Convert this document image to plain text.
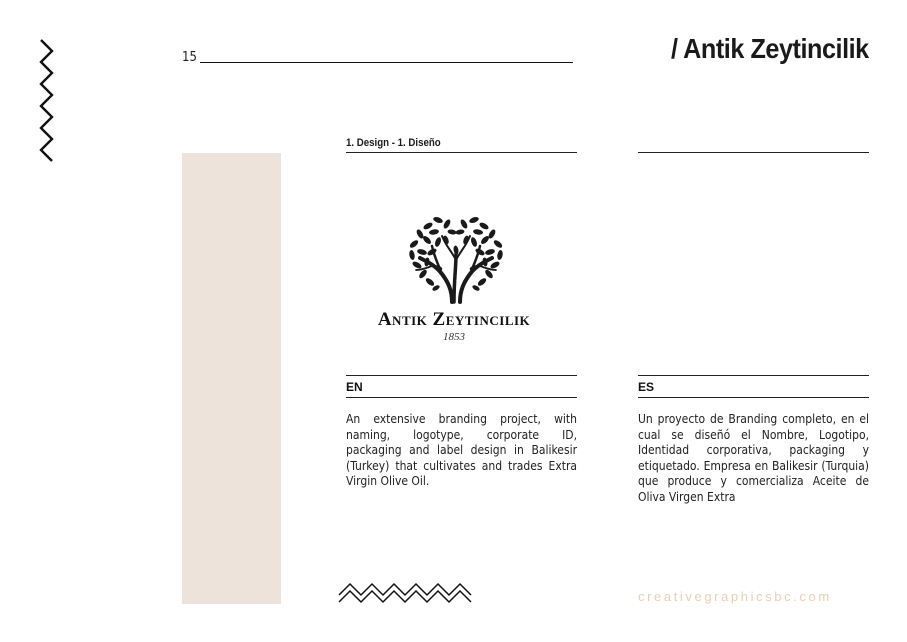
15	/ Antik Zeytincilik
1. Design - 1. Diseño
Antik Zeytincilik
1853
EN
An extensive branding project, with naming, logotype, corporate ID, packaging and label design in Balikesir (Turkey) that cultivates and trades Extra Virgin Olive Oil.
ES
Un proyecto de Branding completo, en el cual se diseñó el Nombre, Logotipo, Identidad corporativa, packaging y etiquetado. Empresa en Balikesir (Turquia) que produce y comercializa Aceite de Oliva Virgen Extra
creativegraphicsbc.com
